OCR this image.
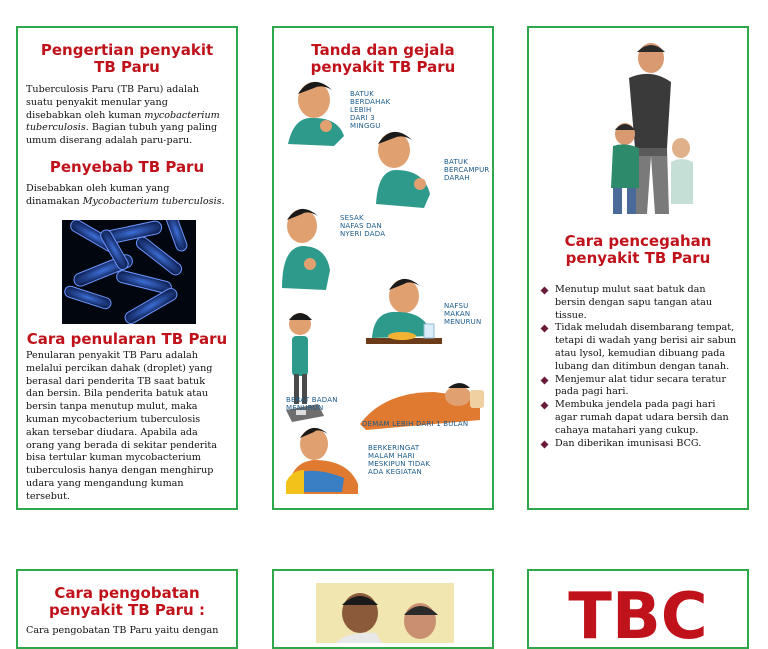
Pengertian penyakit TB Paru

Tuberculosis Paru (TB Paru) adalah suatu penyakit menular yang disebabkan oleh kuman mycobacterium tuberculosis. Bagian tubuh yang paling umum diserang adalah paru-paru.

Penyebab TB Paru

Disebabkan oleh kuman yang dinamakan Mycobacterium tuberculosis.

Cara penularan TB Paru

Penularan penyakit TB Paru adalah melalui percikan dahak (droplet) yang berasal dari penderita TB saat batuk dan bersin. Bila penderita batuk atau bersin tanpa menutup mulut, maka kuman mycobacterium tuberculosis akan tersebar diudara. Apabila ada orang yang berada di sekitar penderita bisa tertular kuman mycobacterium tuberculosis hanya dengan menghirup udara yang mengandung kuman tersebut.

Tanda dan gejala penyakit TB Paru
BATUK BERDAHAK LEBIH DARI 3 MINGGU
BATUK BERCAMPUR DARAH
SESAK NAFAS DAN NYERI DADA
NAFSU MAKAN MENURUN
BERAT BADAN MENURUN
DEMAM LEBIH DARI 1 BULAN
BERKERINGAT MALAM HARI MESKIPUN TIDAK ADA KEGIATAN
Cara pencegahan penyakit TB Paru
Menutup mulut saat batuk dan bersin dengan sapu tangan atau tissue.
Tidak meludah disembarang tempat, tetapi di wadah yang berisi air sabun atau lysol, kemudian dibuang pada lubang dan ditimbun dengan tanah.
Menjemur alat tidur secara teratur pada pagi hari.
Membuka jendela pada pagi hari agar rumah dapat udara bersih dan cahaya matahari yang cukup.
Dan diberikan imunisasi BCG.
Cara pengobatan penyakit TB Paru :

Cara pengobatan TB Paru yaitu dengan	TBC
